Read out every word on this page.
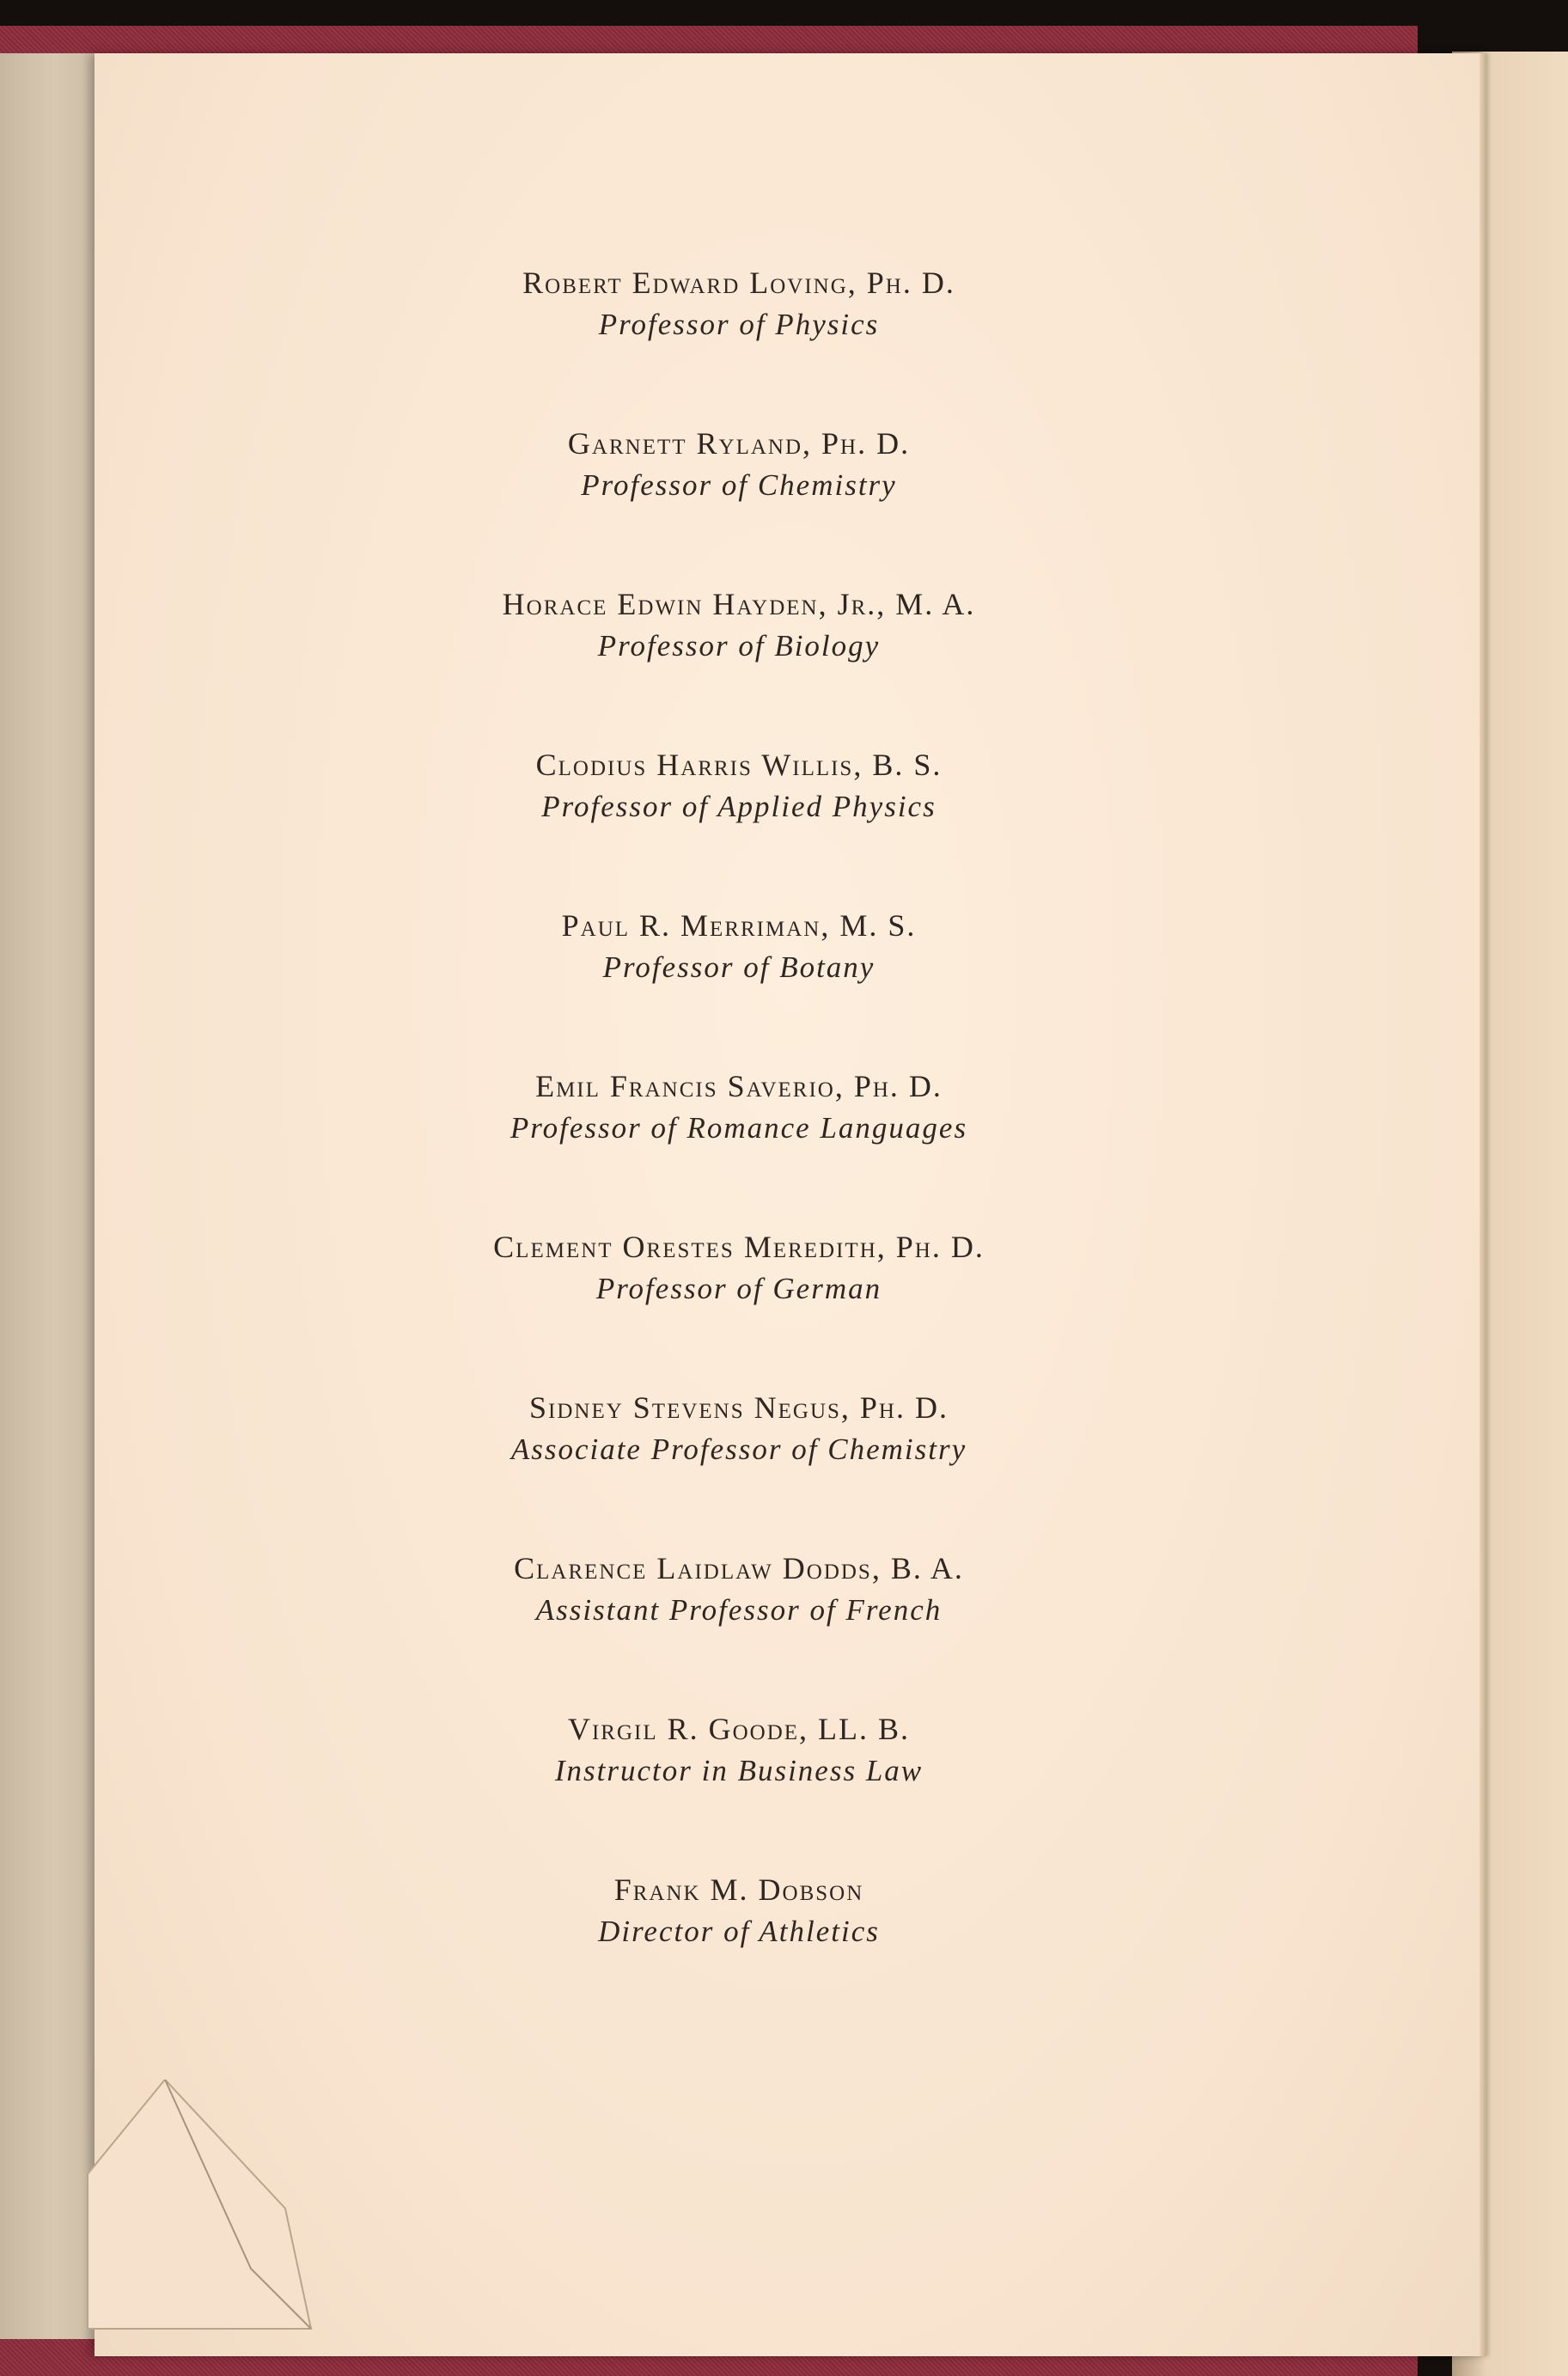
Robert Edward Loving, Ph. D.
Professor of Physics
Garnett Ryland, Ph. D.
Professor of Chemistry
Horace Edwin Hayden, Jr., M. A.
Professor of Biology
Clodius Harris Willis, B. S.
Professor of Applied Physics
Paul R. Merriman, M. S.
Professor of Botany
Emil Francis Saverio, Ph. D.
Professor of Romance Languages
Clement Orestes Meredith, Ph. D.
Professor of German
Sidney Stevens Negus, Ph. D.
Associate Professor of Chemistry
Clarence Laidlaw Dodds, B. A.
Assistant Professor of French
Virgil R. Goode, LL. B.
Instructor in Business Law
Frank M. Dobson
Director of Athletics
